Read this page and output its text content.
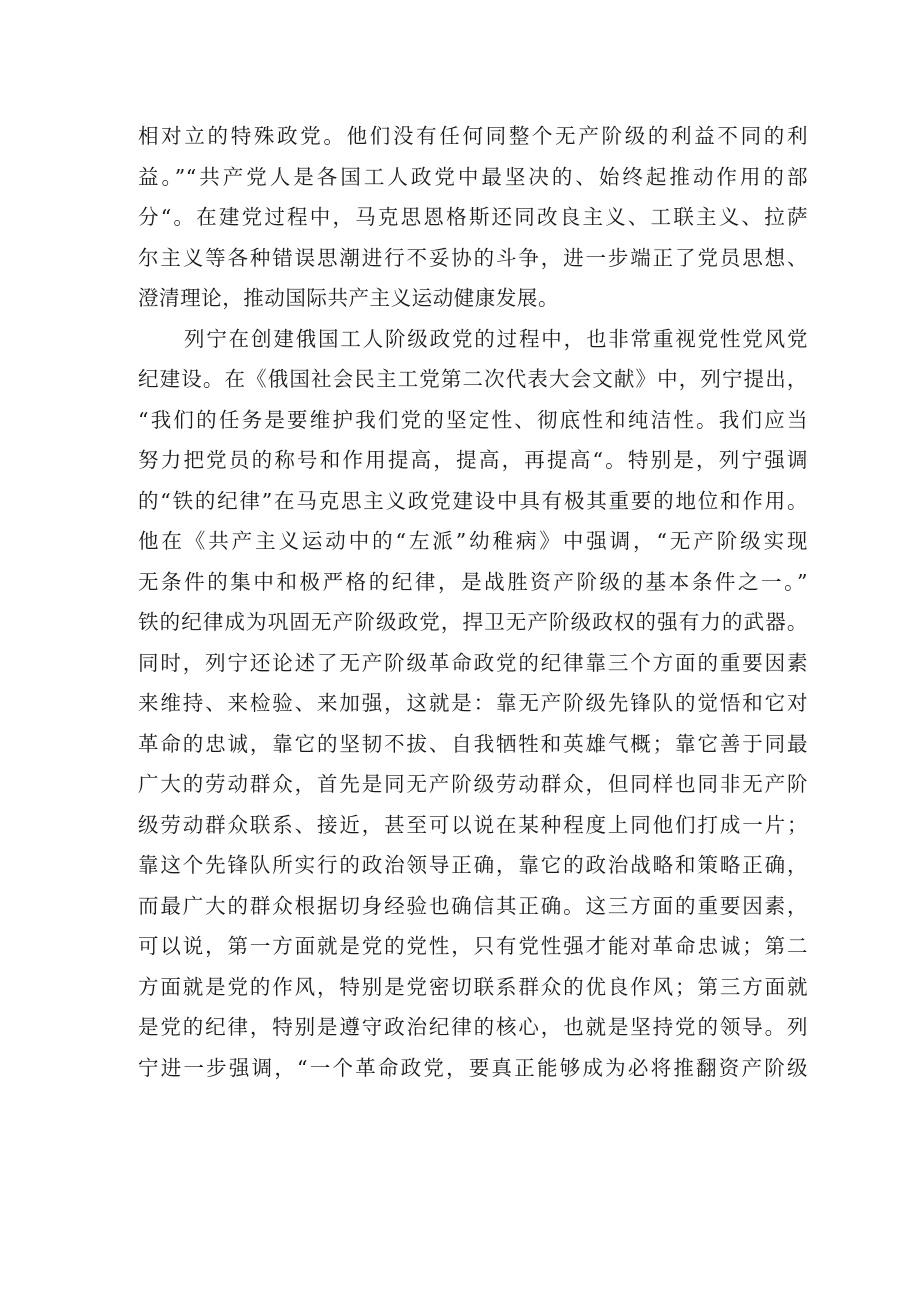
相对立的特殊政党。他们没有任何同整个无产阶级的利益不同的利
益。”“共产党人是各国工人政党中最坚决的、始终起推动作用的部
分“。在建党过程中，马克思恩格斯还同改良主义、工联主义、拉萨
尔主义等各种错误思潮进行不妥协的斗争，进一步端正了党员思想、
澄清理论，推动国际共产主义运动健康发展。
列宁在创建俄国工人阶级政党的过程中，也非常重视党性党风党
纪建设。在《俄国社会民主工党第二次代表大会文献》中，列宁提出，
“我们的任务是要维护我们党的坚定性、彻底性和纯洁性。我们应当
努力把党员的称号和作用提高，提高，再提高“。特别是，列宁强调
的“铁的纪律”在马克思主义政党建设中具有极其重要的地位和作用。
他在《共产主义运动中的“左派”幼稚病》中强调，“无产阶级实现
无条件的集中和极严格的纪律，是战胜资产阶级的基本条件之一。”
铁的纪律成为巩固无产阶级政党，捍卫无产阶级政权的强有力的武器。
同时，列宁还论述了无产阶级革命政党的纪律靠三个方面的重要因素
来维持、来检验、来加强，这就是：靠无产阶级先锋队的觉悟和它对
革命的忠诚，靠它的坚韧不拔、自我牺牲和英雄气概；靠它善于同最
广大的劳动群众，首先是同无产阶级劳动群众，但同样也同非无产阶
级劳动群众联系、接近，甚至可以说在某种程度上同他们打成一片；
靠这个先锋队所实行的政治领导正确，靠它的政治战略和策略正确，
而最广大的群众根据切身经验也确信其正确。这三方面的重要因素，
可以说，第一方面就是党的党性，只有党性强才能对革命忠诚；第二
方面就是党的作风，特别是党密切联系群众的优良作风；第三方面就
是党的纪律，特别是遵守政治纪律的核心，也就是坚持党的领导。列
宁进一步强调，“一个革命政党，要真正能够成为必将推翻资产阶级
